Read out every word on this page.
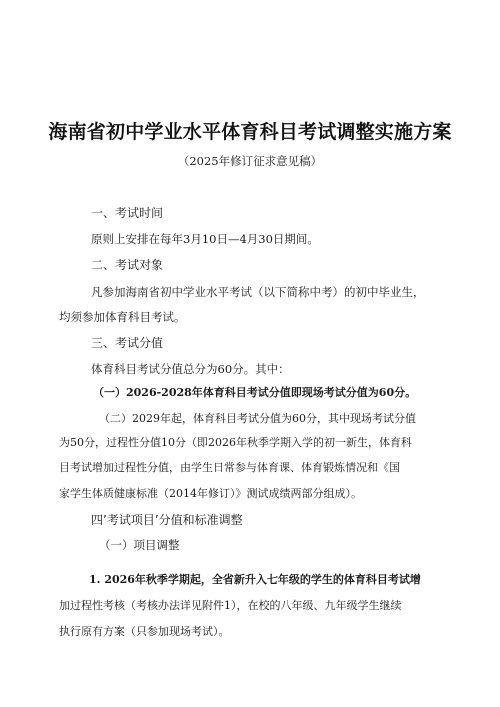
海南省初中学业水平体育科目考试调整实施方案
（2025年修订征求意见稿）
一、考试时间
原则上安排在每年3月10日—4月30日期间。
二、考试对象
凡参加海南省初中学业水平考试（以下简称中考）的初中毕业生，
均须参加体育科目考试。
三、考试分值
体育科目考试分值总分为60分。其中：
（一）2026-2028年体育科目考试分值即现场考试分值为60分。
（二）2029年起，体育科目考试分值为60分，其中现场考试分值
为50分，过程性分值10分（即2026年秋季学期入学的初一新生，体育科
目考试增加过程性分值，由学生日常参与体育课、体育锻炼情况和《国
家学生体质健康标准（2014年修订）》测试成绩两部分组成）。
四’考试项目’分值和标准调整
（一）项目调整
1. 2026年秋季学期起，全省新升入七年级的学生的体育科目考试增
加过程性考核（考核办法详见附件1），在校的八年级、九年级学生继续
执行原有方案（只参加现场考试）。
